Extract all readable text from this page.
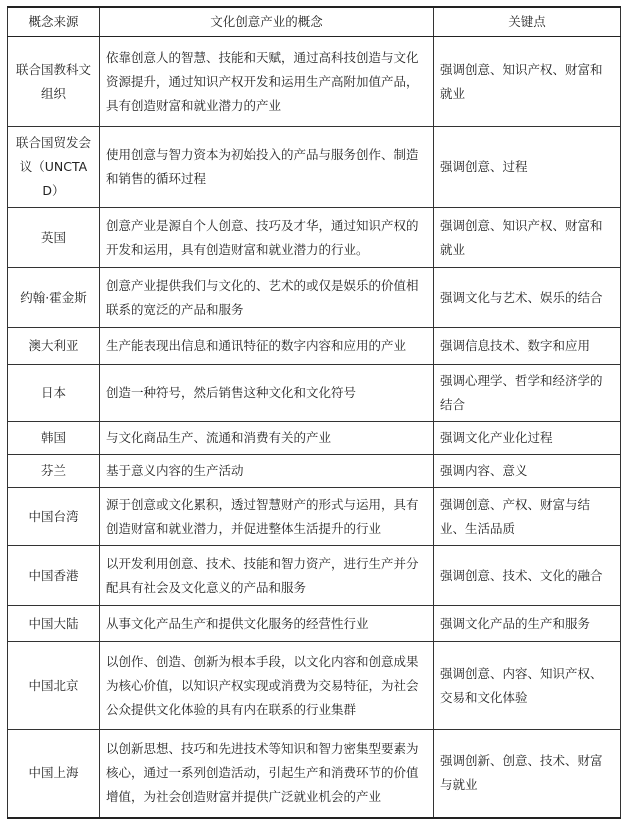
概念来源	文化创意产业的概念	关键点
联合国教科文组织	依靠创意人的智慧、技能和天赋，通过高科技创造与文化资源提升，通过知识产权开发和运用生产高附加值产品，具有创造财富和就业潜力的产业	强调创意、知识产权、财富和就业
联合国贸发会议（UNCTAD）	使用创意与智力资本为初始投入的产品与服务创作、制造和销售的循环过程	强调创意、过程
英国	创意产业是源自个人创意、技巧及才华，通过知识产权的开发和运用，具有创造财富和就业潜力的行业。	强调创意、知识产权、财富和就业
约翰·霍金斯	创意产业提供我们与文化的、艺术的或仅是娱乐的价值相联系的宽泛的产品和服务	强调文化与艺术、娱乐的结合
澳大利亚	生产能表现出信息和通讯特征的数字内容和应用的产业	强调信息技术、数字和应用
日本	创造一种符号，然后销售这种文化和文化符号	强调心理学、哲学和经济学的结合
韩国	与文化商品生产、流通和消费有关的产业	强调文化产业化过程
芬兰	基于意义内容的生产活动	强调内容、意义
中国台湾	源于创意或文化累积，透过智慧财产的形式与运用，具有创造财富和就业潜力，并促进整体生活提升的行业	强调创意、产权、财富与结业、生活品质
中国香港	以开发利用创意、技术、技能和智力资产，进行生产并分配具有社会及文化意义的产品和服务	强调创意、技术、文化的融合
中国大陆	从事文化产品生产和提供文化服务的经营性行业	强调文化产品的生产和服务
中国北京	以创作、创造、创新为根本手段，以文化内容和创意成果为核心价值，以知识产权实现或消费为交易特征，为社会公众提供文化体验的具有内在联系的行业集群	强调创意、内容、知识产权、交易和文化体验
中国上海	以创新思想、技巧和先进技术等知识和智力密集型要素为核心，通过一系列创造活动，引起生产和消费环节的价值增值，为社会创造财富并提供广泛就业机会的产业	强调创新、创意、技术、财富与就业
